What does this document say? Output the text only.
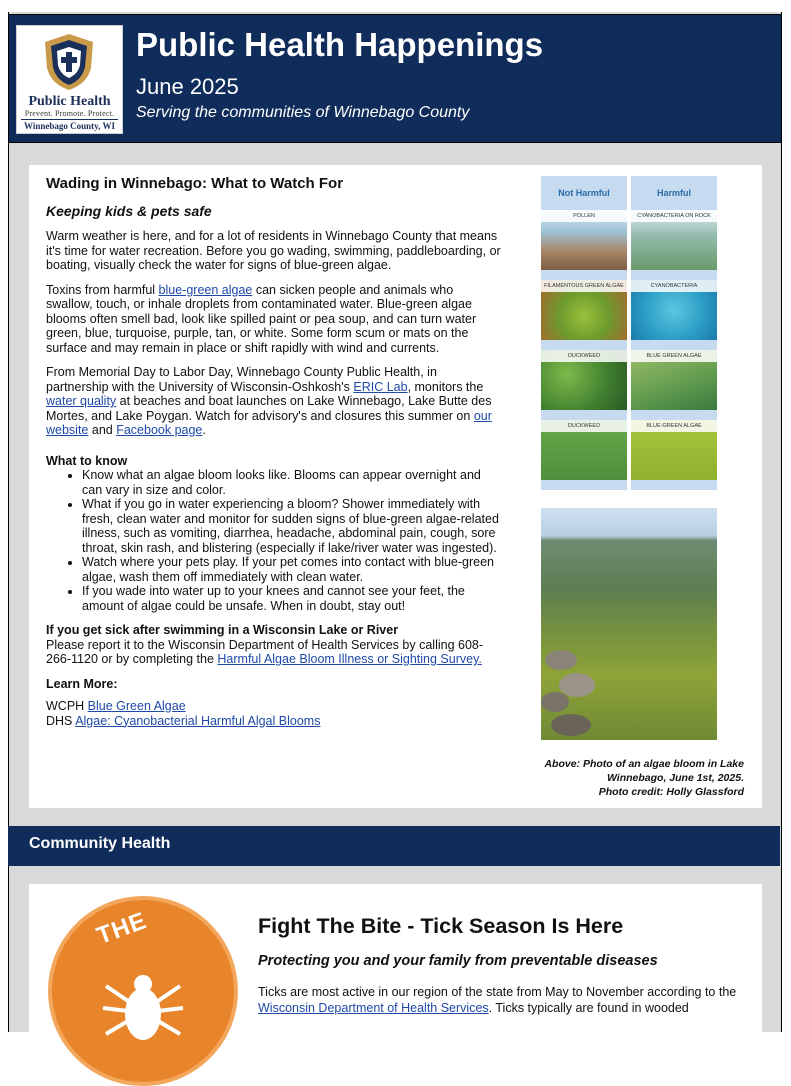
Public Health
Prevent. Promote. Protect.
Winnebago County, WI
Public Health Happenings
June 2025
Serving the communities of Winnebago County
Wading in Winnebago: What to Watch For
Keeping kids & pets safe

Warm weather is here, and for a lot of residents in Winnebago County that means it's time for water recreation. Before you go wading, swimming, paddleboarding, or boating, visually check the water for signs of blue-green algae.

Toxins from harmful blue-green algae can sicken people and animals who swallow, touch, or inhale droplets from contaminated water. Blue-green algae blooms often smell bad, look like spilled paint or pea soup, and can turn water green, blue, turquoise, purple, tan, or white. Some form scum or mats on the surface and may remain in place or shift rapidly with wind and currents.

From Memorial Day to Labor Day, Winnebago County Public Health, in partnership with the University of Wisconsin-Oshkosh's ERIC Lab, monitors the water quality at beaches and boat launches on Lake Winnebago, Lake Butte des Mortes, and Lake Poygan. Watch for advisory's and closures this summer on our website and Facebook page.

What to know
• Know what an algae bloom looks like. Blooms can appear overnight and can vary in size and color.
• What if you go in water experiencing a bloom? Shower immediately with fresh, clean water and monitor for sudden signs of blue-green algae-related illness, such as vomiting, diarrhea, headache, abdominal pain, cough, sore throat, skin rash, and blistering (especially if lake/river water was ingested).
• Watch where your pets play. If your pet comes into contact with blue-green algae, wash them off immediately with clean water.
• If you wade into water up to your knees and cannot see your feet, the amount of algae could be unsafe. When in doubt, stay out!
If you get sick after swimming in a Wisconsin Lake or River

Please report it to the Wisconsin Department of Health Services by calling 608-266-1120 or by completing the Harmful Algae Bloom Illness or Sighting Survey.

Learn More:
WCPH Blue Green Algae
DHS Algae: Cyanobacterial Harmful Algal Blooms
Not Harmful
POLLEN
FILAMENTOUS GREEN ALGAE
DUCKWEED
DUCKWEED
Harmful
CYANOBACTERIA ON ROCK
CYANOBACTERIA
BLUE GREEN ALGAE
BLUE-GREEN ALGAE
Above: Photo of an algae bloom in Lake
Winnebago, June 1st, 2025.
Photo credit: Holly Glassford
Community Health
THE	Fight The Bite - Tick Season Is Here
Protecting you and your family from preventable diseases

Ticks are most active in our region of the state from May to November according to the Wisconsin Department of Health Services. Ticks typically are found in wooded
